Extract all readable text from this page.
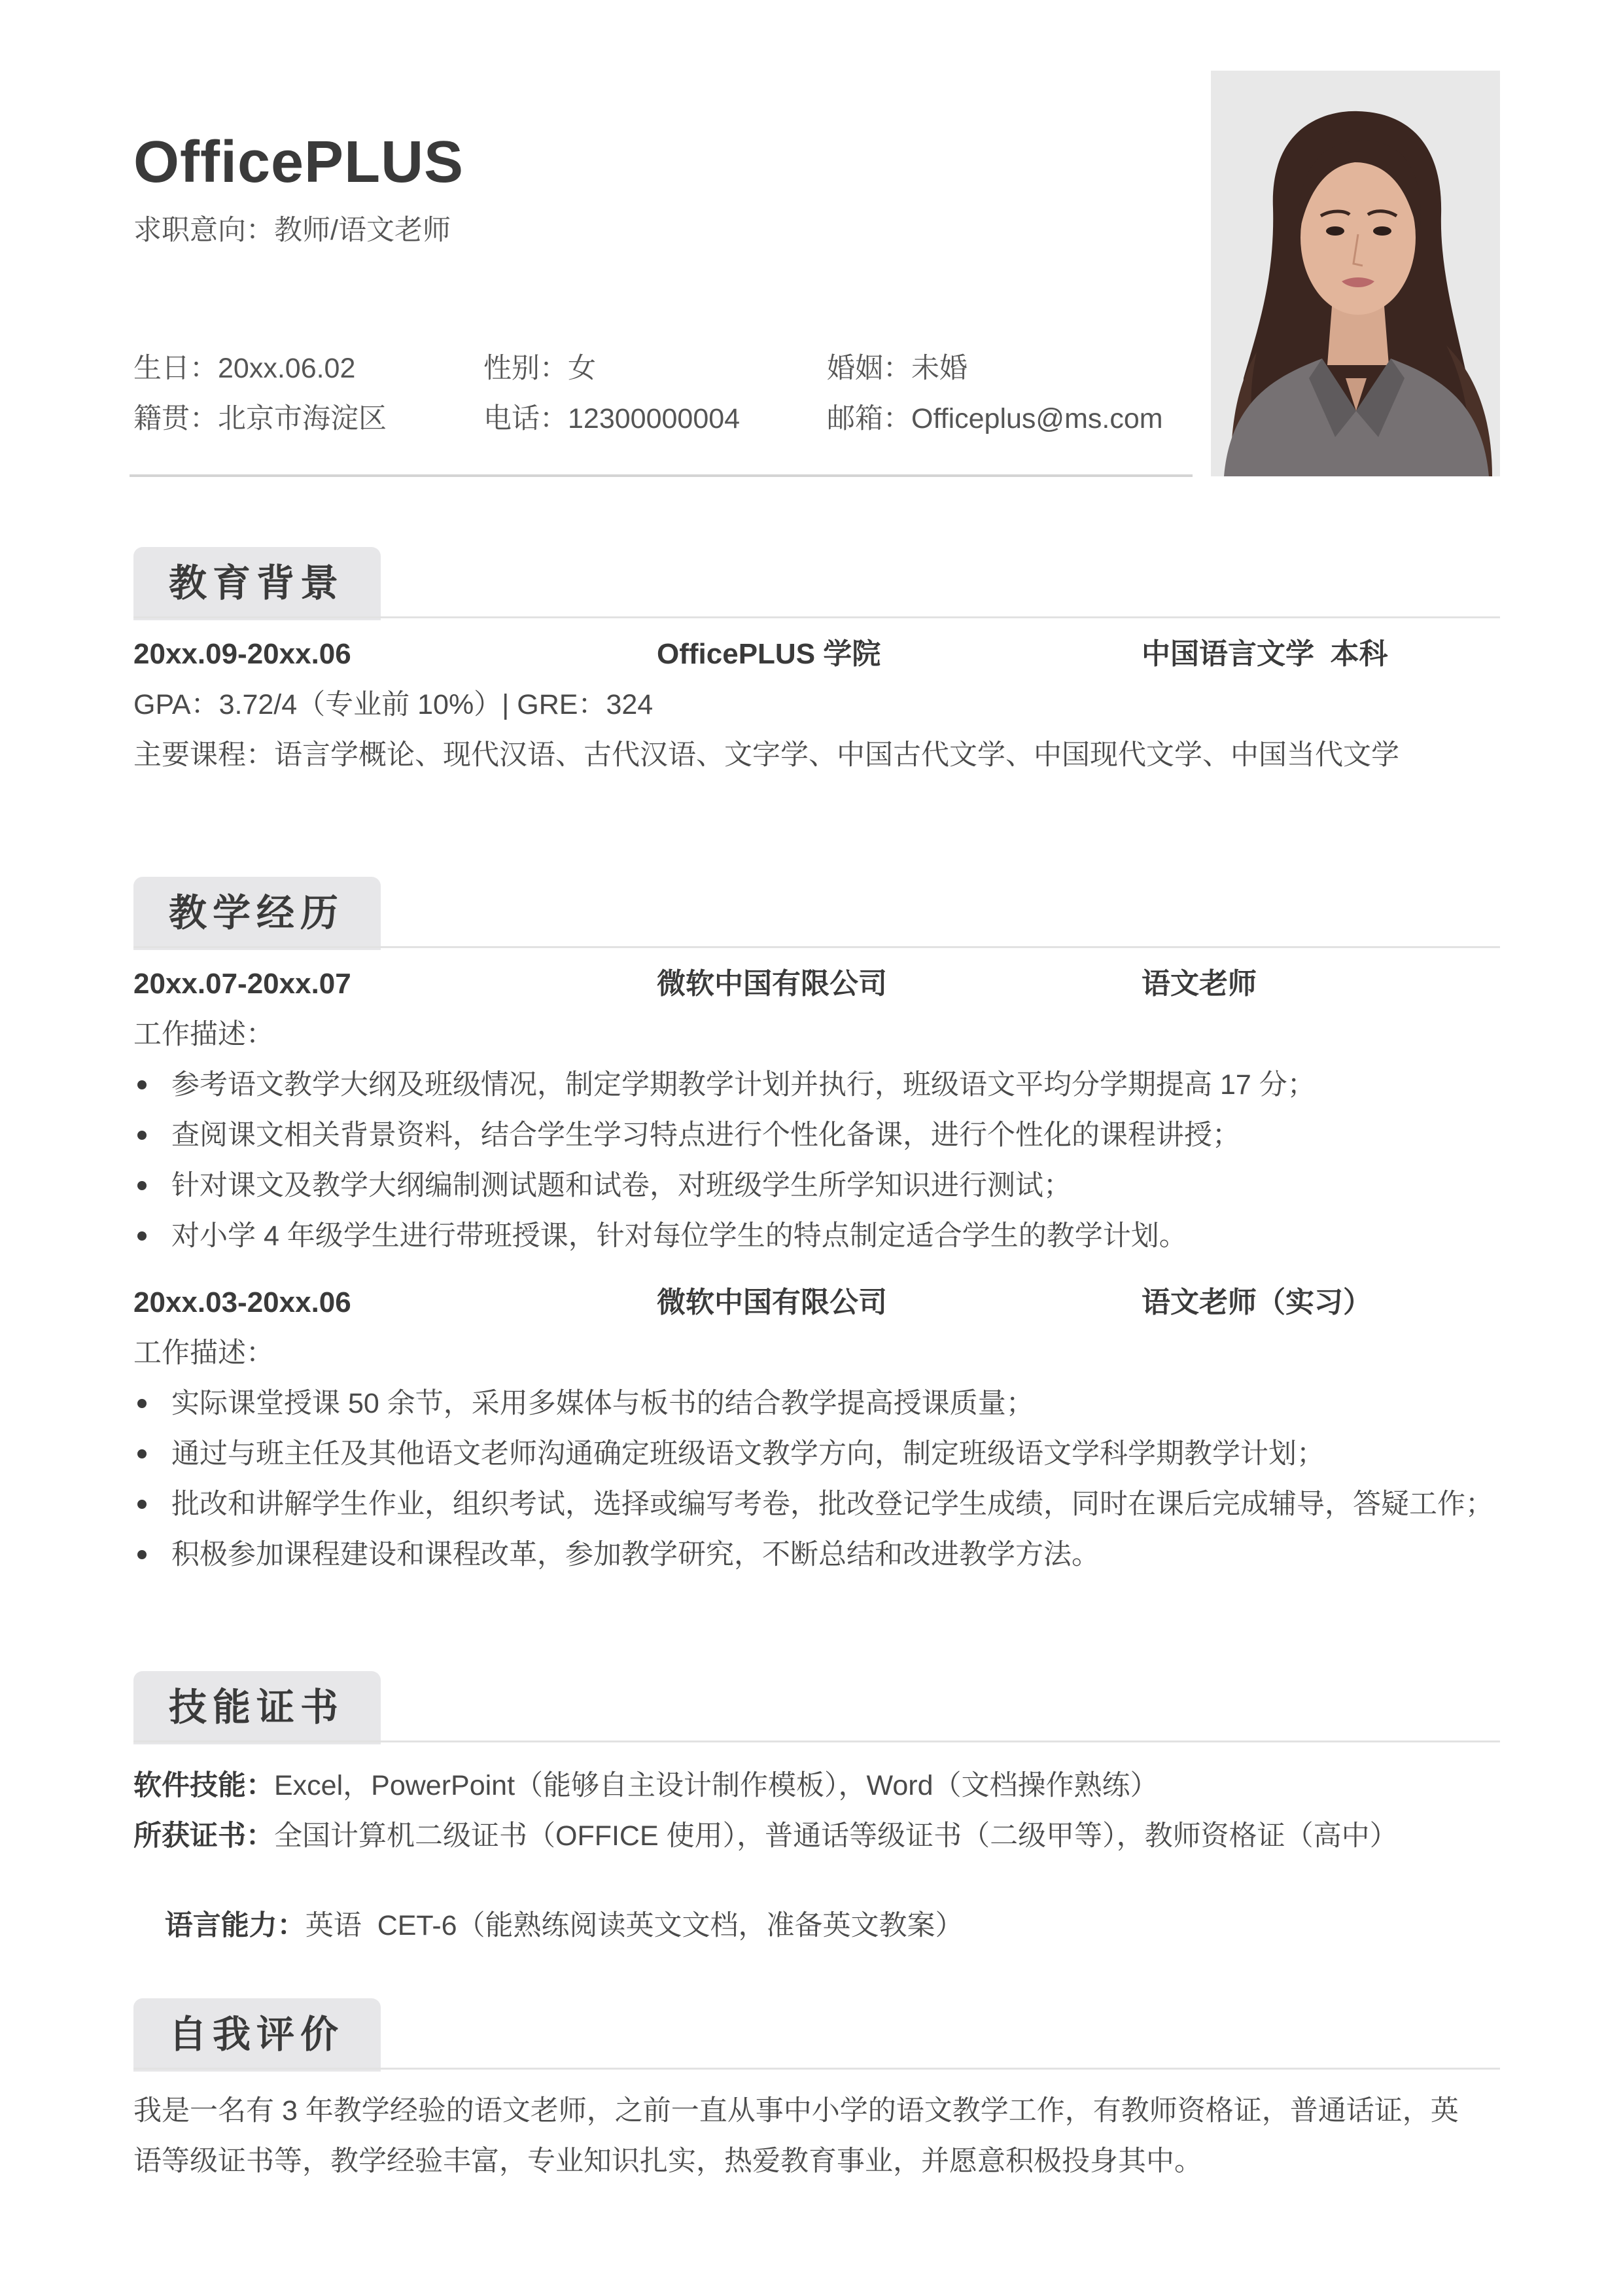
OfficePLUS
求职意向：教师/语文老师
生日：20xx.06.02	性别：女	婚姻：未婚
籍贯：北京市海淀区	电话：12300000004	邮箱：Officeplus@ms.com
教育背景
20xx.09-20xx.06	OfficePLUS 学院	中国语言文学  本科
GPA：3.72/4（专业前 10%）| GRE：324
主要课程：语言学概论、现代汉语、古代汉语、文字学、中国古代文学、中国现代文学、中国当代文学
教学经历
20xx.07-20xx.07	微软中国有限公司	语文老师
工作描述：
参考语文教学大纲及班级情况，制定学期教学计划并执行，班级语文平均分学期提高 17 分；
查阅课文相关背景资料，结合学生学习特点进行个性化备课，进行个性化的课程讲授；
针对课文及教学大纲编制测试题和试卷，对班级学生所学知识进行测试；
对小学 4 年级学生进行带班授课，针对每位学生的特点制定适合学生的教学计划。
20xx.03-20xx.06	微软中国有限公司	语文老师（实习）
工作描述：
实际课堂授课 50 余节，采用多媒体与板书的结合教学提高授课质量；
通过与班主任及其他语文老师沟通确定班级语文教学方向，制定班级语文学科学期教学计划；
批改和讲解学生作业，组织考试，选择或编写考卷，批改登记学生成绩，同时在课后完成辅导，答疑工作；
积极参加课程建设和课程改革，参加教学研究，不断总结和改进教学方法。
技能证书
软件技能：Excel，PowerPoint（能够自主设计制作模板），Word（文档操作熟练）
所获证书：全国计算机二级证书（OFFICE 使用），普通话等级证书（二级甲等），教师资格证（高中）

语言能力：英语  CET-6（能熟练阅读英文文档，准备英文教案）

自我评价
我是一名有 3 年教学经验的语文老师，之前一直从事中小学的语文教学工作，有教师资格证，普通话证，英
语等级证书等，教学经验丰富，专业知识扎实，热爱教育事业，并愿意积极投身其中。
